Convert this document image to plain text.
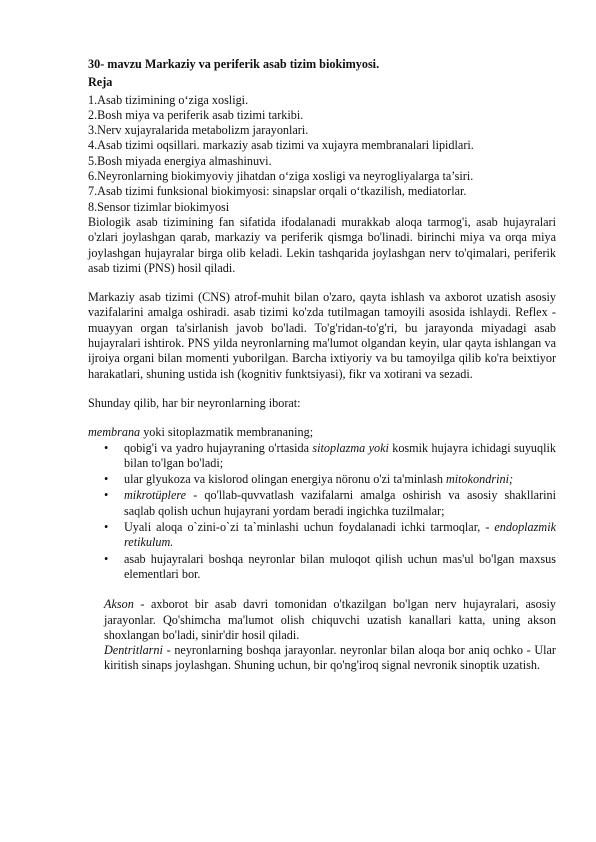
30- mavzu Markaziy va periferik asab tizim biokimyosi.

Reja

1.Asab tizimining o‘ziga xosligi.

2.Bosh miya va periferik asab tizimi tarkibi.

3.Nerv xujayralarida metabolizm jarayonlari.

4.Asab tizimi oqsillari. markaziy asab tizimi va xujayra membranalari lipidlari.

5.Bosh miyada energiya almashinuvi.

6.Neyronlarning biokimyoviy jihatdan o‘ziga xosligi va neyrogliyalarga ta’siri.

7.Asab tizimi funksional biokimyosi: sinapslar orqali o‘tkazilish, mediatorlar.

8.Sensor tizimlar biokimyosi

Biologik asab tizimining fan sifatida ifodalanadi murakkab aloqa tarmog'i, asab hujayralari o'zlari joylashgan qarab, markaziy va periferik qismga bo'linadi. birinchi miya va orqa miya joylashgan hujayralar birga olib keladi. Lekin tashqarida joylashgan nerv to'qimalari, periferik asab tizimi (PNS) hosil qiladi.

Markaziy asab tizimi (CNS) atrof-muhit bilan o'zaro, qayta ishlash va axborot uzatish asosiy vazifalarini amalga oshiradi. asab tizimi ko'zda tutilmagan tamoyili asosida ishlaydi. Reflex - muayyan organ ta'sirlanish javob bo'ladi. To'g'ridan-to'g'ri, bu jarayonda miyadagi asab hujayralari ishtirok. PNS yilda neyronlarning ma'lumot olgandan keyin, ular qayta ishlangan va ijroiya organi bilan momenti yuborilgan. Barcha ixtiyoriy va bu tamoyilga qilib ko'ra beixtiyor harakatlari, shuning ustida ish (kognitiv funktsiyasi), fikr va xotirani va sezadi.

Shunday qilib, har bir neyronlarning iborat:

membrana yoki sitoplazmatik membrananing;

• qobig'i va yadro hujayraning o'rtasida sitoplazma yoki kosmik hujayra ichidagi suyuqlik bilan to'lgan bo'ladi;
• ular glyukoza va kislorod olingan energiya nöronu o'zi ta'minlash mitokondrini;
• mikrotüplere - qo'llab-quvvatlash vazifalarni amalga oshirish va asosiy shakllarini saqlab qolish uchun hujayrani yordam beradi ingichka tuzilmalar;
• Uyali aloqa o`zini-o`zi ta`minlashi uchun foydalanadi ichki tarmoqlar, - endoplazmik retikulum.
• asab hujayralari boshqa neyronlar bilan muloqot qilish uchun mas'ul bo'lgan maxsus elementlari bor.

Akson - axborot bir asab davri tomonidan o'tkazilgan bo'lgan nerv hujayralari, asosiy jarayonlar. Qo'shimcha ma'lumot olish chiquvchi uzatish kanallari katta, uning akson shoxlangan bo'ladi, sinir'dir hosil qiladi.

Dentritlarni - neyronlarning boshqa jarayonlar. neyronlar bilan aloqa bor aniq ochko - Ular kiritish sinaps joylashgan. Shuning uchun, bir qo'ng'iroq signal nevronik sinoptik uzatish.
